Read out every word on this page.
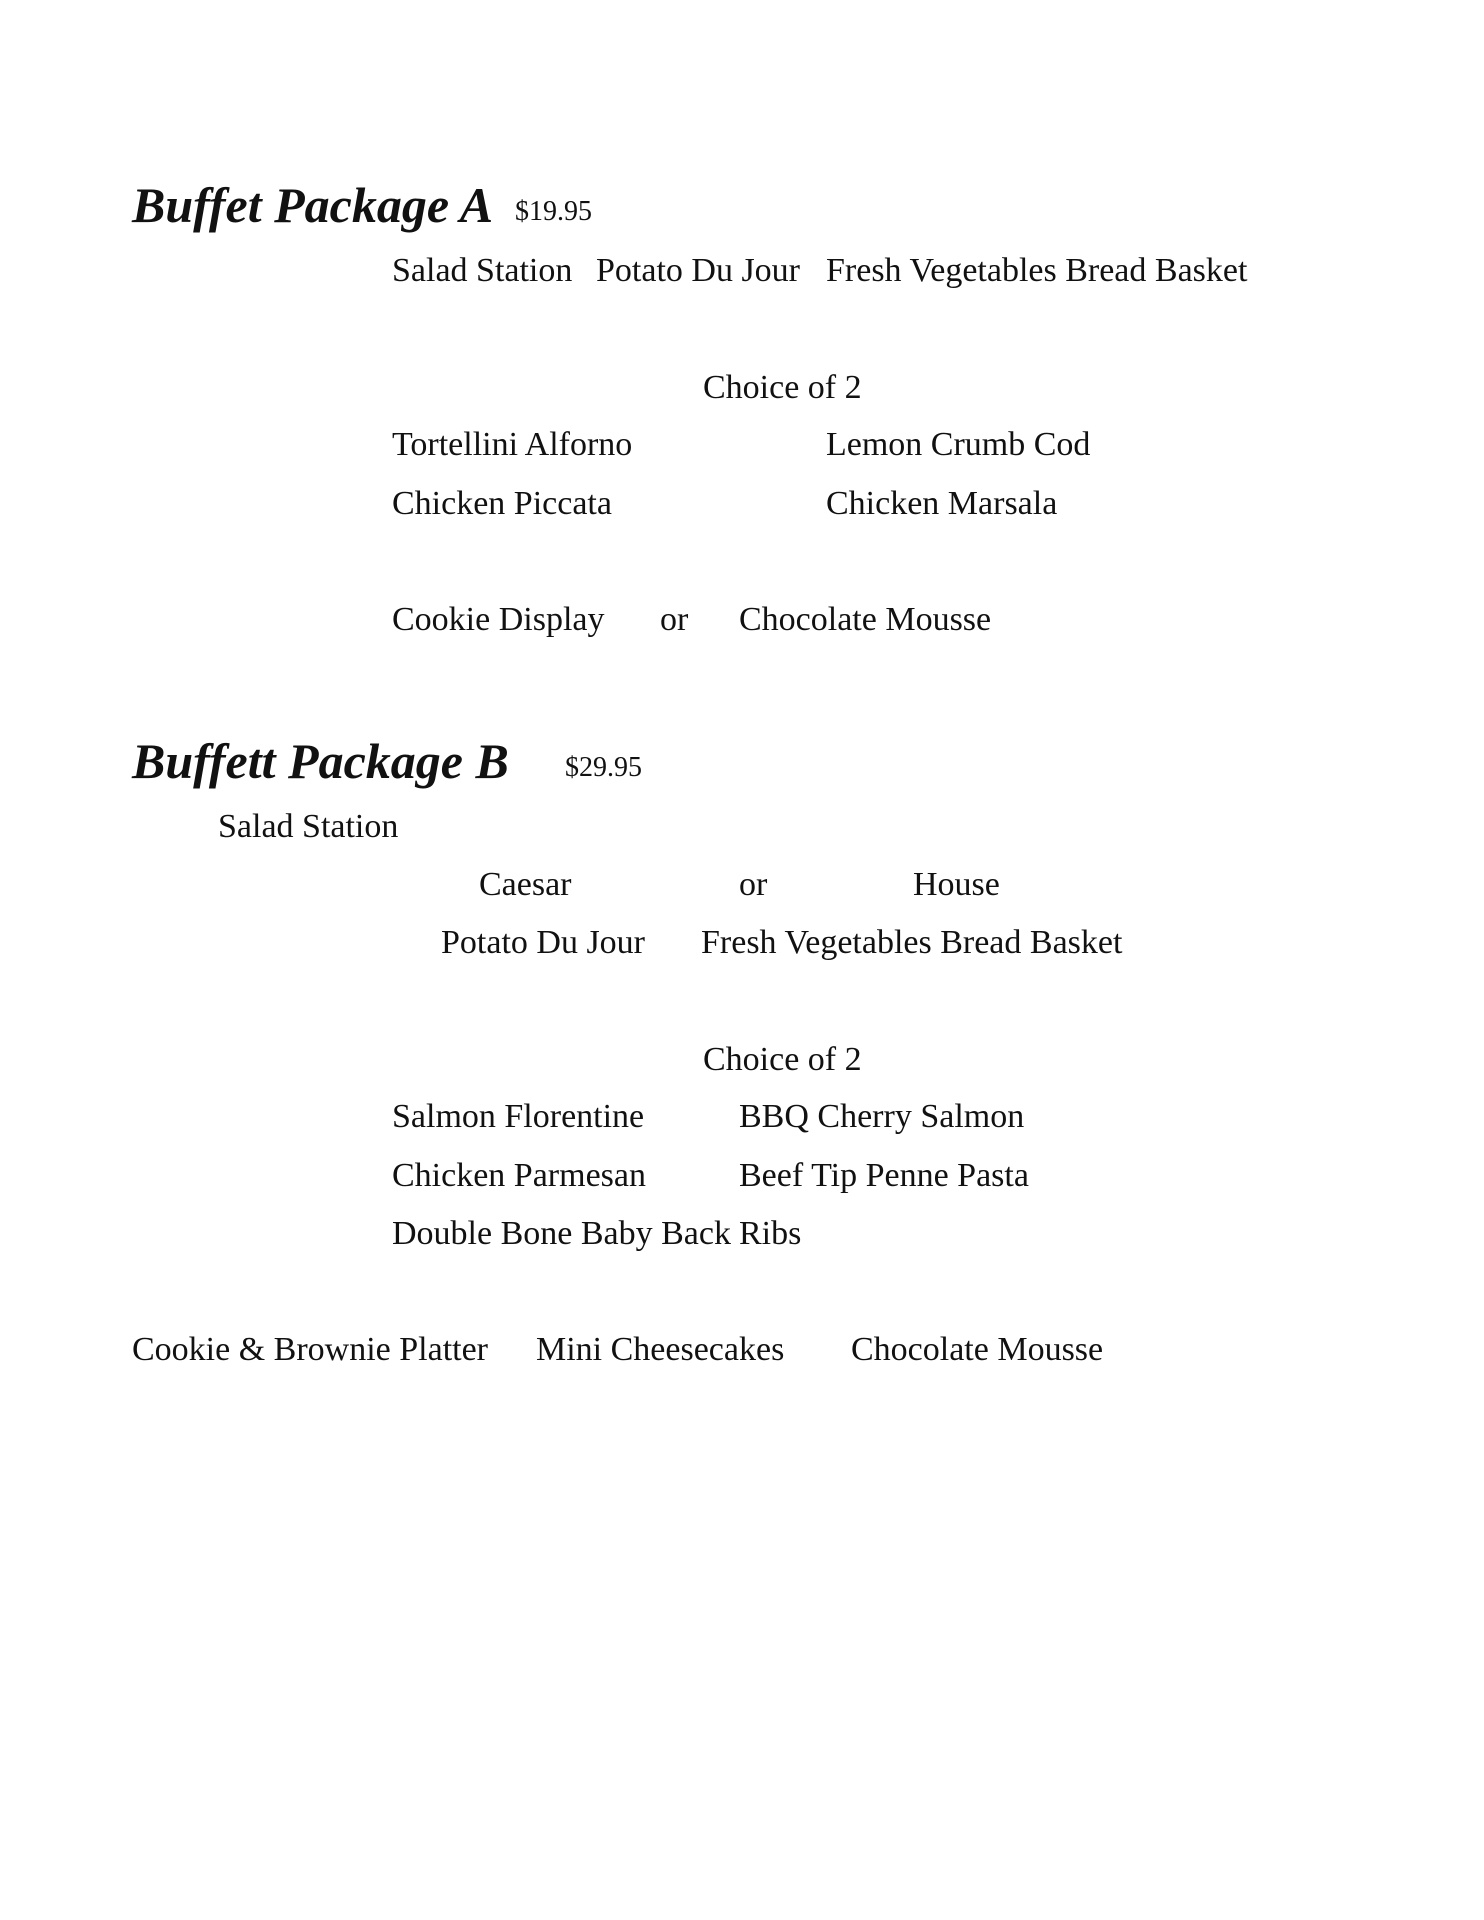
Buffet Package A $19.95
Salad Station Potato Du Jour Fresh Vegetables Bread Basket
Choice of 2
Tortellini Alforno	Lemon Crumb Cod
Chicken Piccata	Chicken Marsala
Cookie Display or Chocolate Mousse
Buffett Package B $29.95
Salad Station
Caesar	or	House
Potato Du Jour Fresh Vegetables Bread Basket
Choice of 2
Salmon Florentine	BBQ Cherry Salmon
Chicken Parmesan	Beef Tip Penne Pasta
Double Bone Baby Back Ribs
Cookie & Brownie Platter Mini Cheesecakes Chocolate Mousse
